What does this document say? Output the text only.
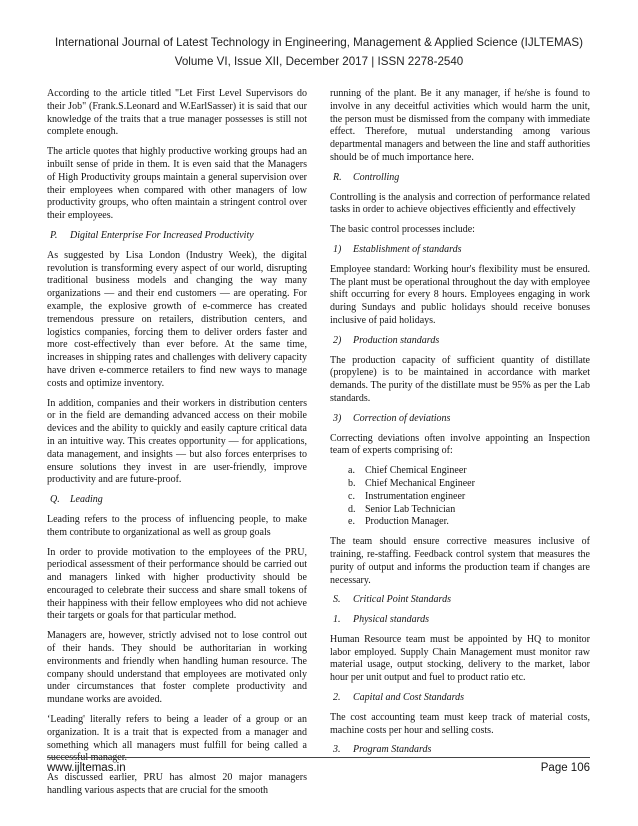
International Journal of Latest Technology in Engineering, Management & Applied Science (IJLTEMAS)
Volume VI, Issue XII, December 2017 | ISSN 2278-2540

According to the article titled "Let First Level Supervisors do their Job" (Frank.S.Leonard and W.EarlSasser) it is said that our knowledge of the traits that a true manager possesses is still not complete enough.

The article quotes that highly productive working groups had an inbuilt sense of pride in them. It is even said that the Managers of High Productivity groups maintain a general supervision over their employees when compared with other managers of low productivity groups, who often maintain a stringent control over their employees.

P. Digital Enterprise For Increased Productivity

As suggested by Lisa London (Industry Week), the digital revolution is transforming every aspect of our world, disrupting traditional business models and changing the way many organizations — and their end customers — are operating. For example, the explosive growth of e-commerce has created tremendous pressure on retailers, distribution centers, and logistics companies, forcing them to deliver orders faster and more cost-effectively than ever before. At the same time, increases in shipping rates and challenges with delivery capacity have driven e-commerce retailers to find new ways to manage costs and optimize inventory.

In addition, companies and their workers in distribution centers or in the field are demanding advanced access on their mobile devices and the ability to quickly and easily capture critical data in an intuitive way. This creates opportunity — for applications, data management, and insights — but also forces enterprises to ensure solutions they invest in are user-friendly, improve productivity and are future-proof.

Q. Leading

Leading refers to the process of influencing people, to make them contribute to organizational as well as group goals

In order to provide motivation to the employees of the PRU, periodical assessment of their performance should be carried out and managers linked with higher productivity should be encouraged to celebrate their success and share small tokens of their happiness with their fellow employees who did not achieve their targets or goals for that particular method.

Managers are, however, strictly advised not to lose control out of their hands. They should be authoritarian in working environments and friendly when handling human resource. The company should understand that employees are motivated only under circumstances that foster complete productivity and mundane works are avoided.

‘Leading' literally refers to being a leader of a group or an organization. It is a trait that is expected from a manager and something which all managers must fulfill for being called a successful manager.

As discussed earlier, PRU has almost 20 major managers handling various aspects that are crucial for the smooth

running of the plant. Be it any manager, if he/she is found to involve in any deceitful activities which would harm the unit, the person must be dismissed from the company with immediate effect. Therefore, mutual understanding among various departmental managers and between the line and staff authorities should be of much importance here.

R. Controlling

Controlling is the analysis and correction of performance related tasks in order to achieve objectives efficiently and effectively

The basic control processes include:

1) Establishment of standards

Employee standard: Working hour's flexibility must be ensured. The plant must be operational throughout the day with employee shift occurring for every 8 hours. Employees engaging in work during Sundays and public holidays should receive bonuses inclusive of paid holidays.

2) Production standards

The production capacity of sufficient quantity of distillate (propylene) is to be maintained in accordance with market demands. The purity of the distillate must be 95% as per the Lab standards.

3) Correction of deviations

Correcting deviations often involve appointing an Inspection team of experts comprising of:

a. Chief Chemical Engineer
b. Chief Mechanical Engineer
c. Instrumentation engineer
d. Senior Lab Technician
e. Production Manager.

The team should ensure corrective measures inclusive of training, re-staffing. Feedback control system that measures the purity of output and informs the production team if changes are necessary.

S. Critical Point Standards
1. Physical standards

Human Resource team must be appointed by HQ to monitor labor employed. Supply Chain Management must monitor raw material usage, output stocking, delivery to the market, labor hour per unit output and fuel to product ratio etc.

2. Capital and Cost Standards

The cost accounting team must keep track of material costs, machine costs per hour and selling costs.

3. Program Standards
www.ijltemas.in	Page 106
